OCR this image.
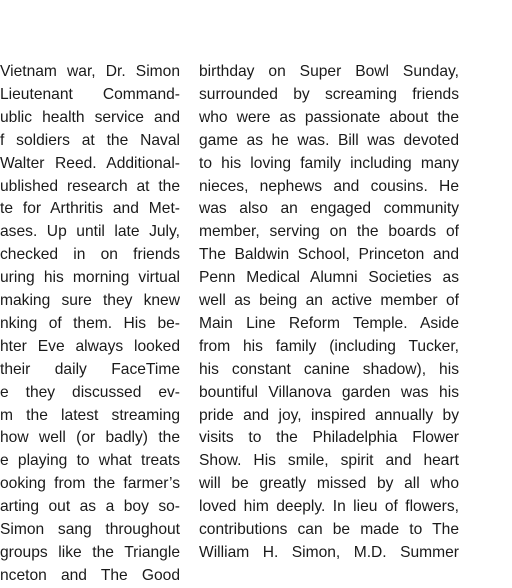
Vietnam war, Dr. Simon
Lieutenant Command-
ublic health service and
f soldiers at the Naval
Walter Reed. Additional-
ublished research at the
te for Arthritis and Met-
ases. Up until late July,
checked in on friends
uring his morning virtual
making sure they knew
nking of them. His be-
hter Eve always looked
their daily FaceTime
e they discussed ev-
m the latest streaming
how well (or badly) the
e playing to what treats
ooking from the farmer’s
arting out as a boy so-
Simon sang throughout
groups like the Triangle
nceton and The Good
birthday on Super Bowl Sunday,
surrounded by screaming friends
who were as passionate about the
game as he was. Bill was devoted
to his loving family including many
nieces, nephews and cousins. He
was also an engaged community
member, serving on the boards of
The Baldwin School, Princeton and
Penn Medical Alumni Societies as
well as being an active member of
Main Line Reform Temple. Aside
from his family (including Tucker,
his constant canine shadow), his
bountiful Villanova garden was his
pride and joy, inspired annually by
visits to the Philadelphia Flower
Show. His smile, spirit and heart
will be greatly missed by all who
loved him deeply. In lieu of flowers,
contributions can be made to The
William H. Simon, M.D. Summer
